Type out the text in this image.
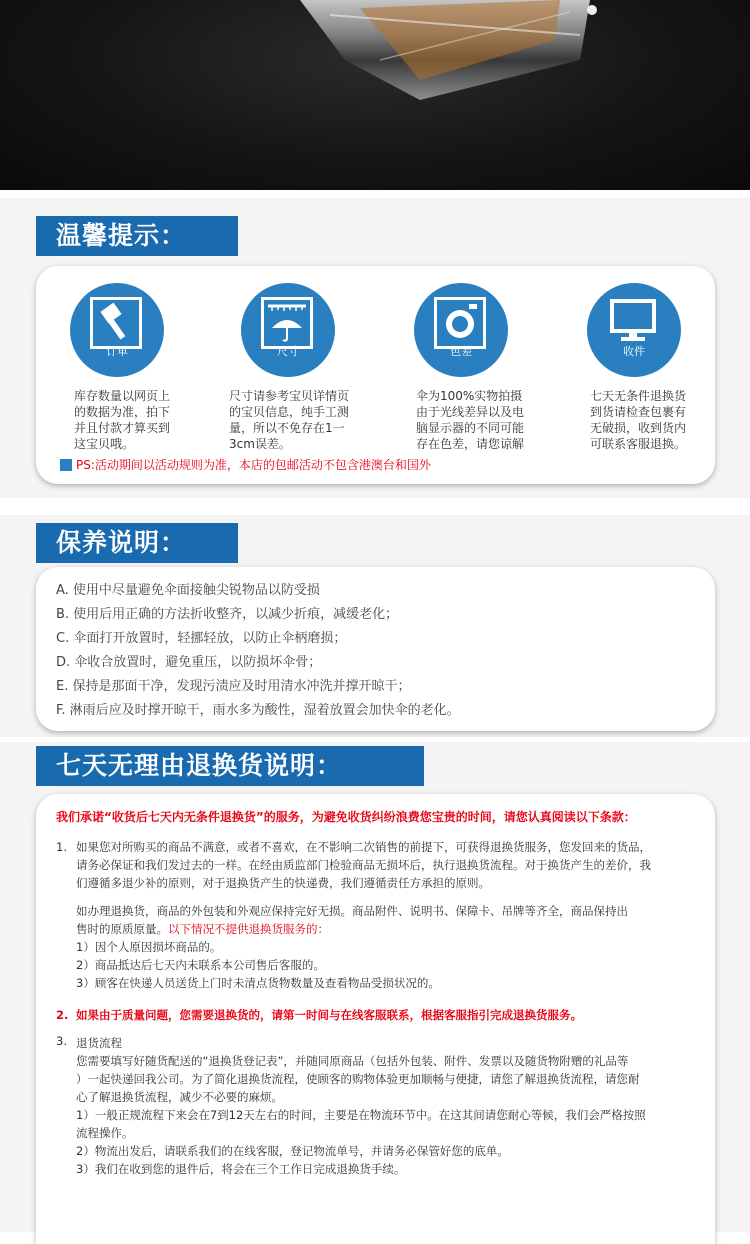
温馨提示：
订单
库存数量以网页上
的数据为准，拍下
并且付款才算买到
这宝贝哦。
尺寸
尺寸请参考宝贝详情页
的宝贝信息，纯手工测
量，所以不免存在1一
3cm误差。
色差
伞为100%实物拍摄
由于光线差异以及电
脑显示器的不同可能
存在色差，请您谅解
收件
七天无条件退换货
到货请检查包裹有
无破损，收到货内
可联系客服退换。
PS:活动期间以活动规则为准，本店的包邮活动不包含港澳台和国外
保养说明：
A. 使用中尽量避免伞面接触尖锐物品以防受损
B. 使用后用正确的方法折收整齐，以减少折痕，减缓老化；
C. 伞面打开放置时，轻挪轻放，以防止伞柄磨损；
D. 伞收合放置时，避免重压，以防损坏伞骨；
E. 保持是那面干净，发现污渍应及时用清水冲洗并撑开晾干；
F. 淋雨后应及时撑开晾干，雨水多为酸性，湿着放置会加快伞的老化。
七天无理由退换货说明：
我们承诺“收货后七天内无条件退换货”的服务，为避免收货纠纷浪费您宝贵的时间，请您认真阅读以下条款：
1. 如果您对所购买的商品不满意，或者不喜欢，在不影响二次销售的前提下，可获得退换货服务，您发回来的货品，
请务必保证和我们发过去的一样。在经由质监部门检验商品无损坏后，执行退换货流程。对于换货产生的差价，我
们遵循多退少补的原则，对于退换货产生的快递费，我们遵循责任方承担的原则。
如办理退换货，商品的外包装和外观应保持完好无损。商品附件、说明书、保障卡、吊牌等齐全，商品保持出
售时的原质原量。以下情况不提供退换货服务的：
1）因个人原因损坏商品的。
2）商品抵达后七天内未联系本公司售后客服的。
3）顾客在快递人员送货上门时未清点货物数量及查看物品受损状况的。
2. 如果由于质量问题，您需要退换货的，请第一时间与在线客服联系，根据客服指引完成退换货服务。
3. 退货流程
您需要填写好随货配送的“退换货登记表”，并随同原商品（包括外包装、附件、发票以及随货物附赠的礼品等
）一起快递回我公司。为了简化退换货流程，使顾客的购物体验更加顺畅与便捷，请您了解退换货流程，请您耐
心了解退换货流程，减少不必要的麻烦。
1）一般正规流程下来会在7到12天左右的时间，主要是在物流环节中。在这其间请您耐心等候，我们会严格按照
流程操作。
2）物流出发后，请联系我们的在线客服，登记物流单号，并请务必保管好您的底单。
3）我们在收到您的退件后，将会在三个工作日完成退换货手续。
